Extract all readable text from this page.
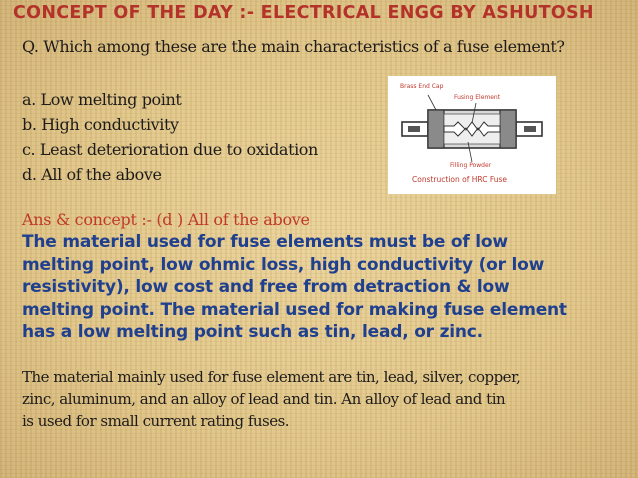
CONCEPT OF THE DAY :- ELECTRICAL ENGG BY ASHUTOSH
Q. Which among these are the main characteristics of a fuse element?
a. Low melting point
b. High conductivity
c. Least deterioration due to oxidation
d. All of the above
Brass End Cap
Fusing Element
Filling Powder
Construction of HRC Fuse
Ans & concept :- (d ) All of the above
The material used for fuse elements must be of low
melting point, low ohmic loss, high conductivity (or low
resistivity), low cost and free from detraction & low
melting point. The material used for making fuse element
has a low melting point such as tin, lead, or zinc.
The material mainly used for fuse element are tin, lead, silver, copper,
zinc, aluminum, and an alloy of lead and tin. An alloy of lead and tin
is used for small current rating fuses.
